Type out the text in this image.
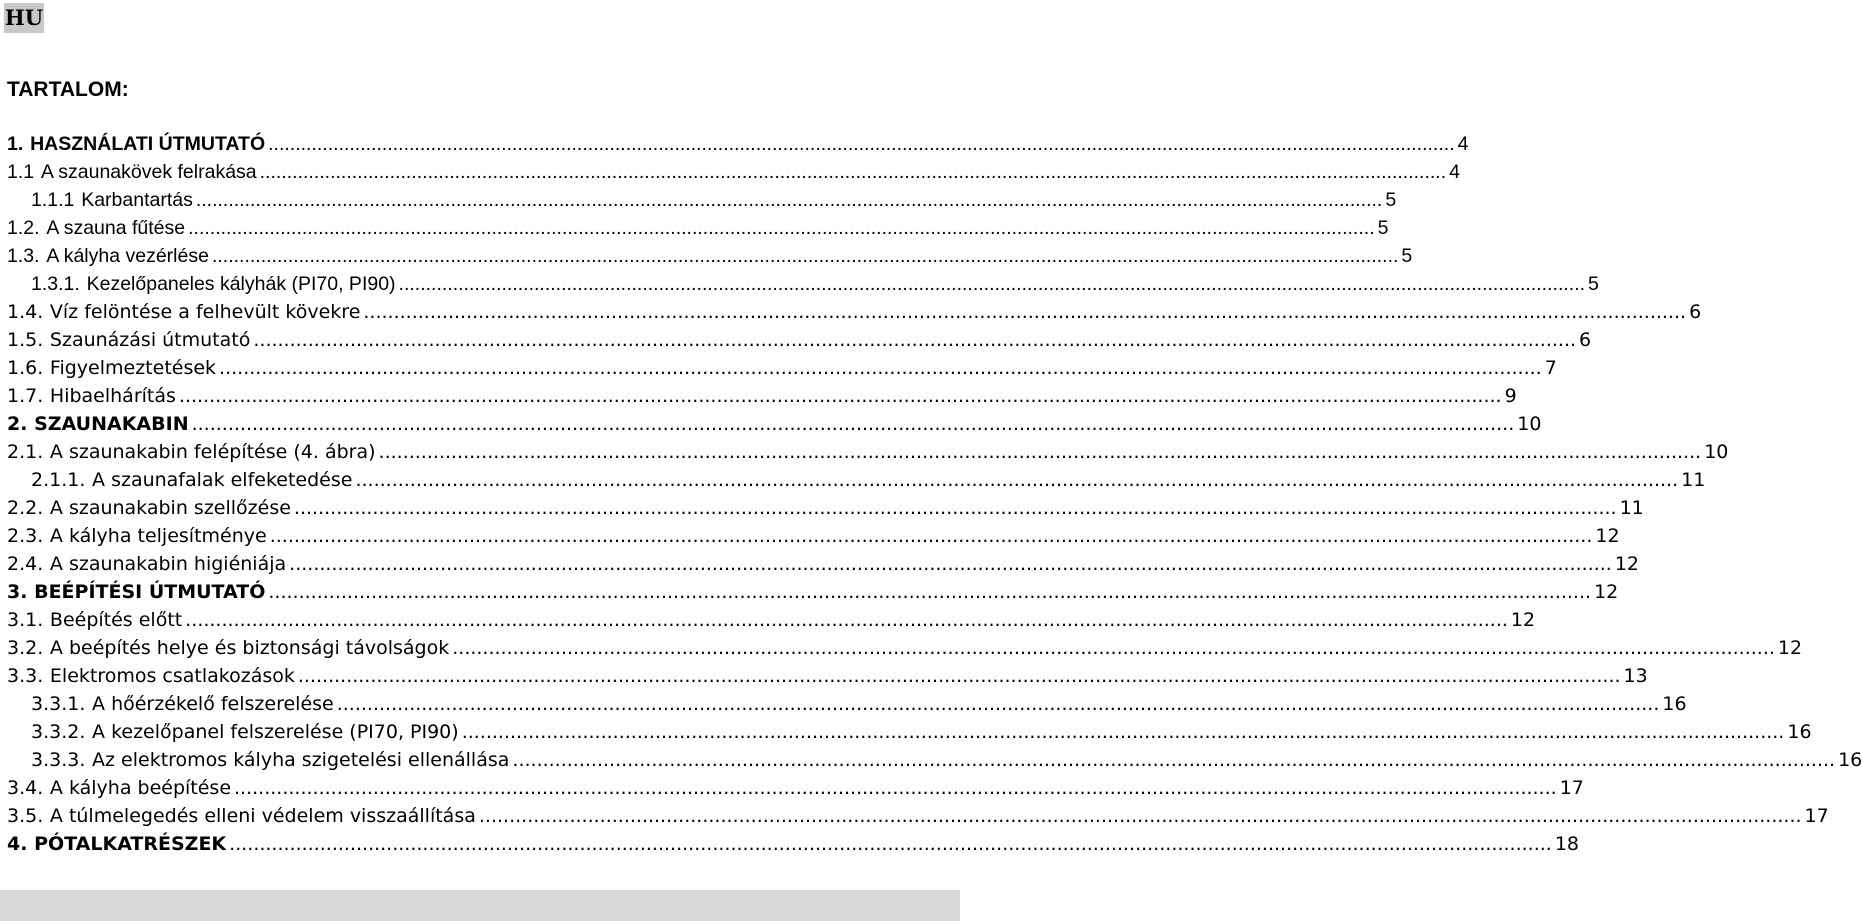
HU
TARTALOM:
1. HASZNÁLATI ÚTMUTATÓ ........................................................................................................................................................................................................................... 4
1.1 A szaunakövek felrakása ........................................................................................................................................................................................................................... 4
1.1.1 Karbantartás ........................................................................................................................................................................................................................... 5
1.2. A szauna fűtése ........................................................................................................................................................................................................................... 5
1.3. A kályha vezérlése ........................................................................................................................................................................................................................... 5
1.3.1. Kezelőpaneles kályhák (PI70, PI90) ........................................................................................................................................................................................................................... 5
1.4. Víz felöntése a felhevült kövekre ........................................................................................................................................................................................................................... 6
1.5. Szaunázási útmutató ........................................................................................................................................................................................................................... 6
1.6. Figyelmeztetések ........................................................................................................................................................................................................................... 7
1.7. Hibaelhárítás ........................................................................................................................................................................................................................... 9
2. SZAUNAKABIN ........................................................................................................................................................................................................................... 10
2.1. A szaunakabin felépítése (4. ábra) ........................................................................................................................................................................................................................... 10
2.1.1. A szaunafalak elfeketedése ........................................................................................................................................................................................................................... 11
2.2. A szaunakabin szellőzése ........................................................................................................................................................................................................................... 11
2.3. A kályha teljesítménye ........................................................................................................................................................................................................................... 12
2.4. A szaunakabin higiéniája ........................................................................................................................................................................................................................... 12
3. BEÉPÍTÉSI ÚTMUTATÓ ........................................................................................................................................................................................................................... 12
3.1. Beépítés előtt ........................................................................................................................................................................................................................... 12
3.2. A beépítés helye és biztonsági távolságok ........................................................................................................................................................................................................................... 12
3.3. Elektromos csatlakozások ........................................................................................................................................................................................................................... 13
3.3.1. A hőérzékelő felszerelése ........................................................................................................................................................................................................................... 16
3.3.2. A kezelőpanel felszerelése (PI70, PI90) ........................................................................................................................................................................................................................... 16
3.3.3. Az elektromos kályha szigetelési ellenállása ........................................................................................................................................................................................................................... 16
3.4. A kályha beépítése ........................................................................................................................................................................................................................... 17
3.5. A túlmelegedés elleni védelem visszaállítása ........................................................................................................................................................................................................................... 17
4. PÓTALKATRÉSZEK ........................................................................................................................................................................................................................... 18
